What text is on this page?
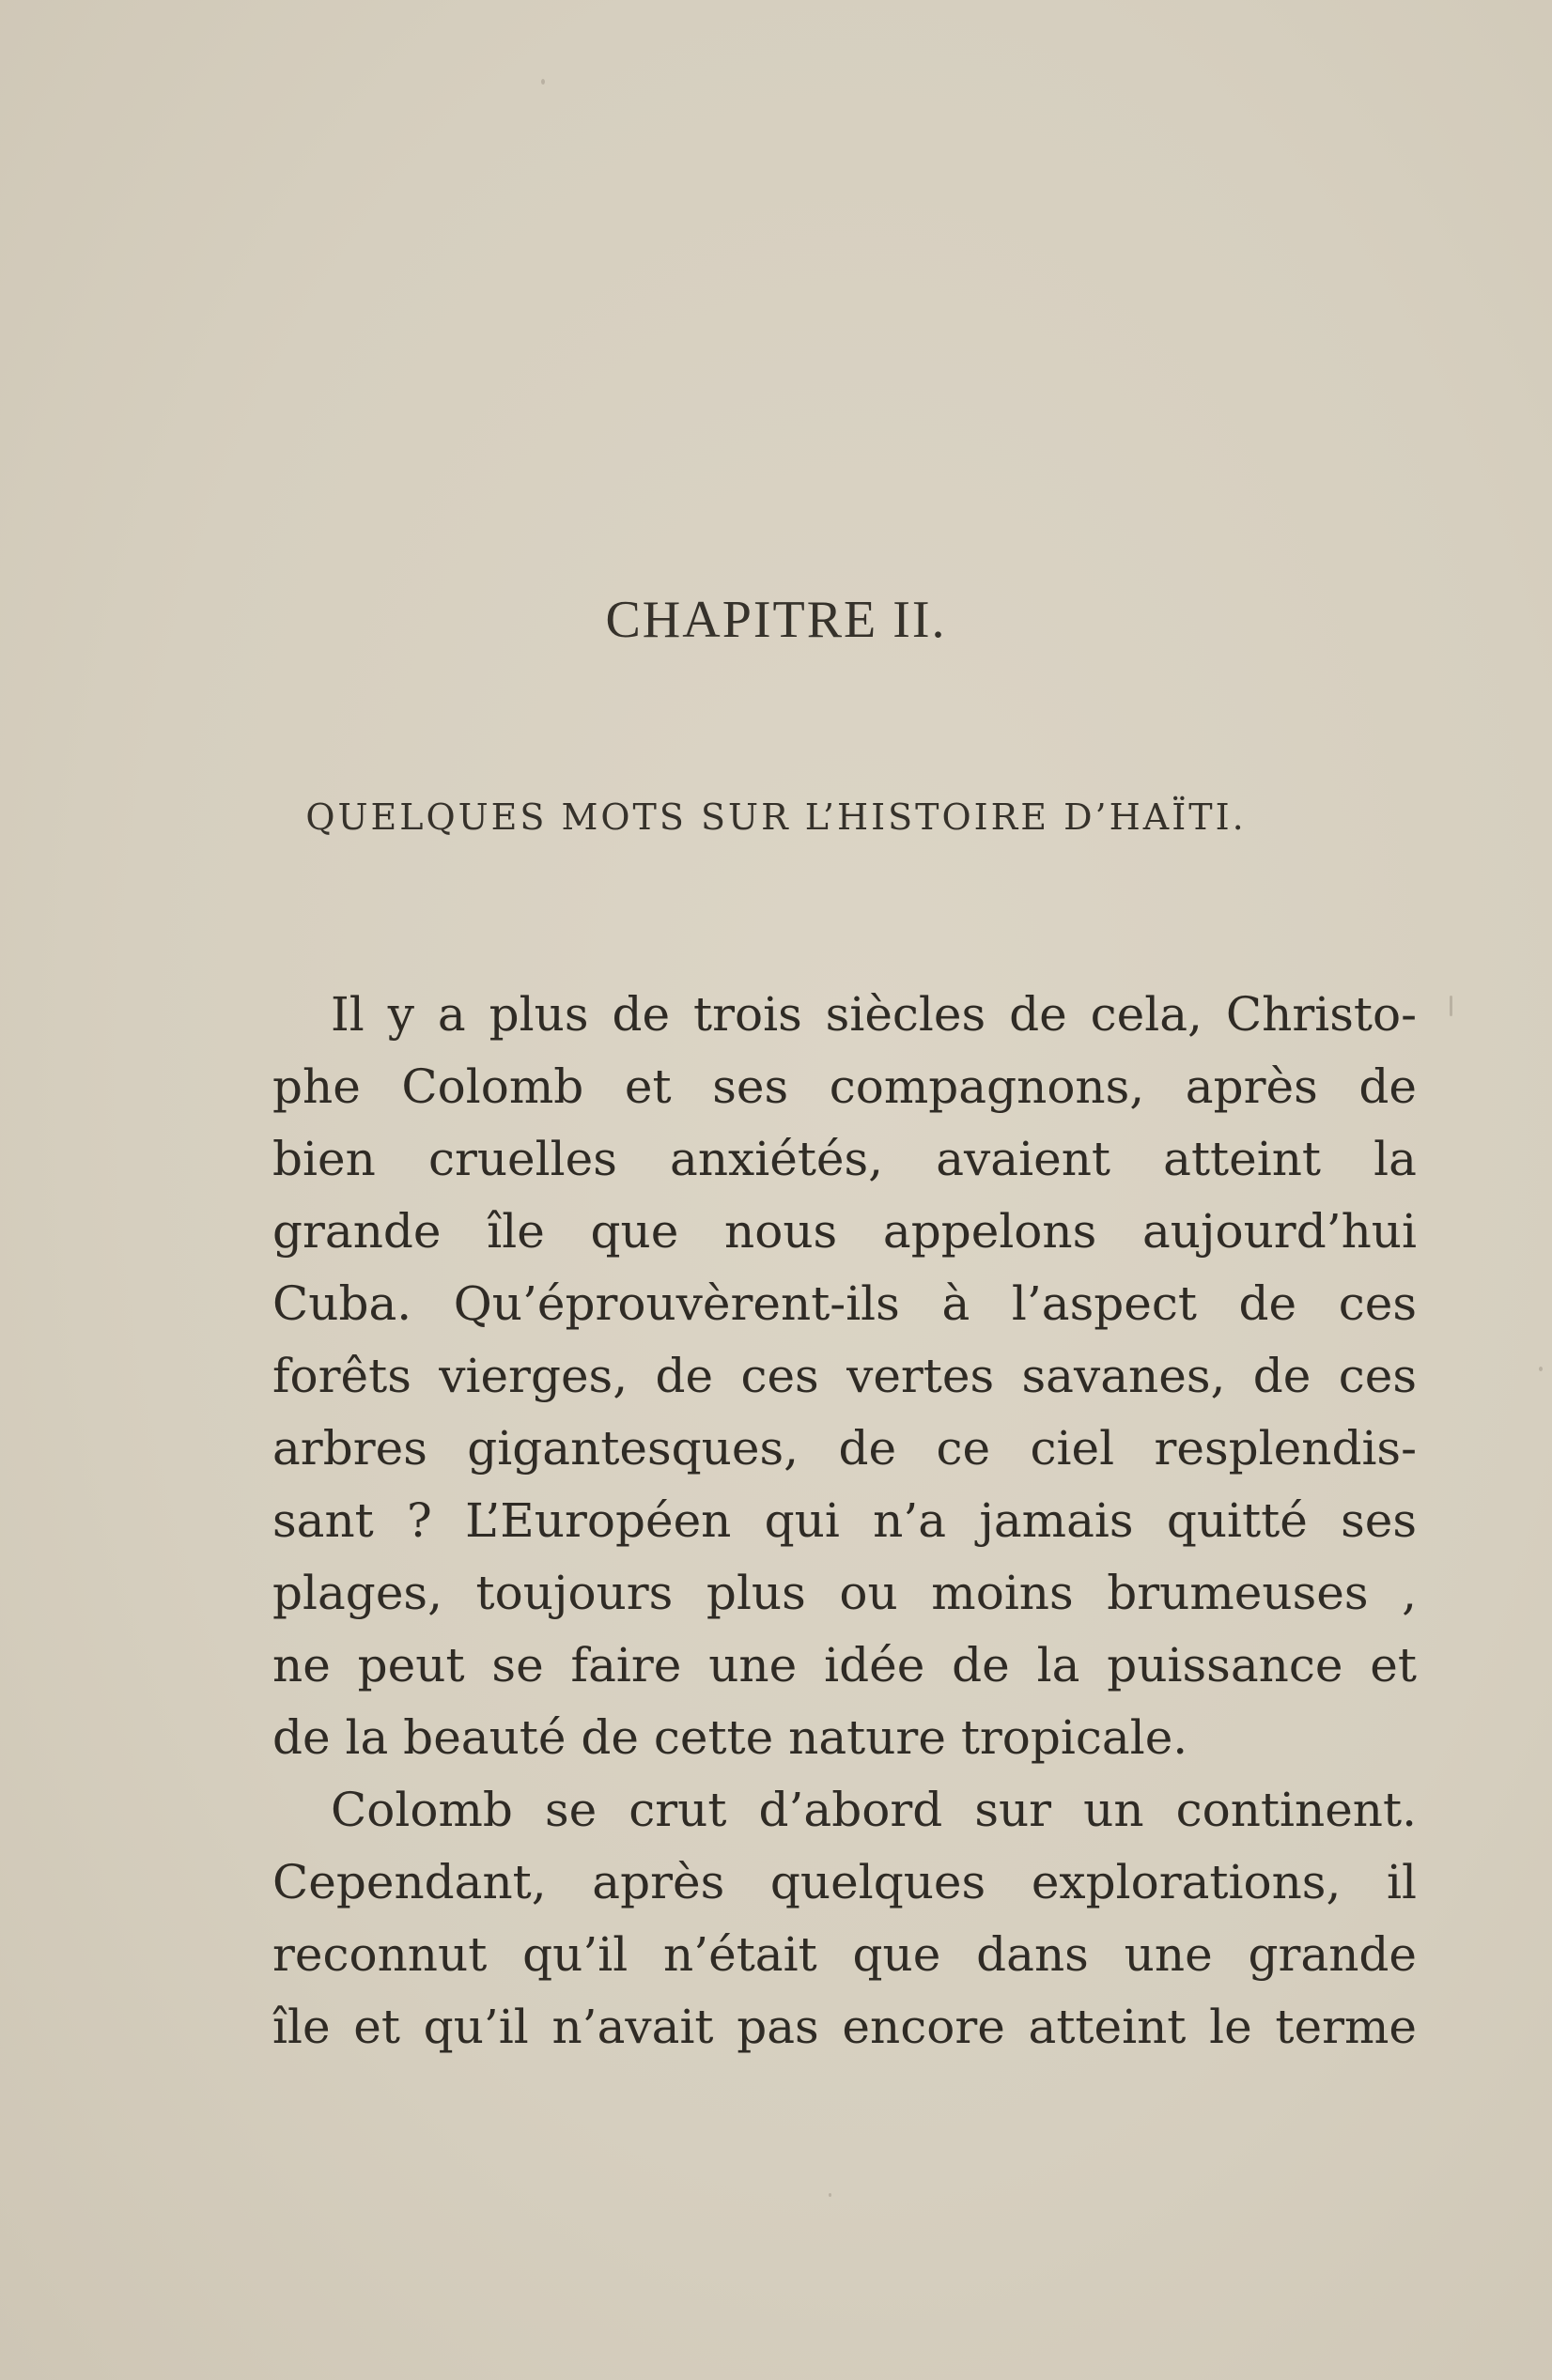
CHAPITRE II.
QUELQUES MOTS SUR L’HISTOIRE D’HAÏTI.
Il y a plus de trois siècles de cela, Christo-
phe Colomb et ses compagnons, après de
bien cruelles anxiétés, avaient atteint la
grande île que nous appelons aujourd’hui
Cuba. Qu’éprouvèrent-ils à l’aspect de ces
forêts vierges, de ces vertes savanes, de ces
arbres gigantesques, de ce ciel resplendis-
sant ? L’Européen qui n’a jamais quitté ses
plages, toujours plus ou moins brumeuses ,
ne peut se faire une idée de la puissance et
de la beauté de cette nature tropicale.
Colomb se crut d’abord sur un continent.
Cependant, après quelques explorations, il
reconnut qu’il n’était que dans une grande
île et qu’il n’avait pas encore atteint le terme
